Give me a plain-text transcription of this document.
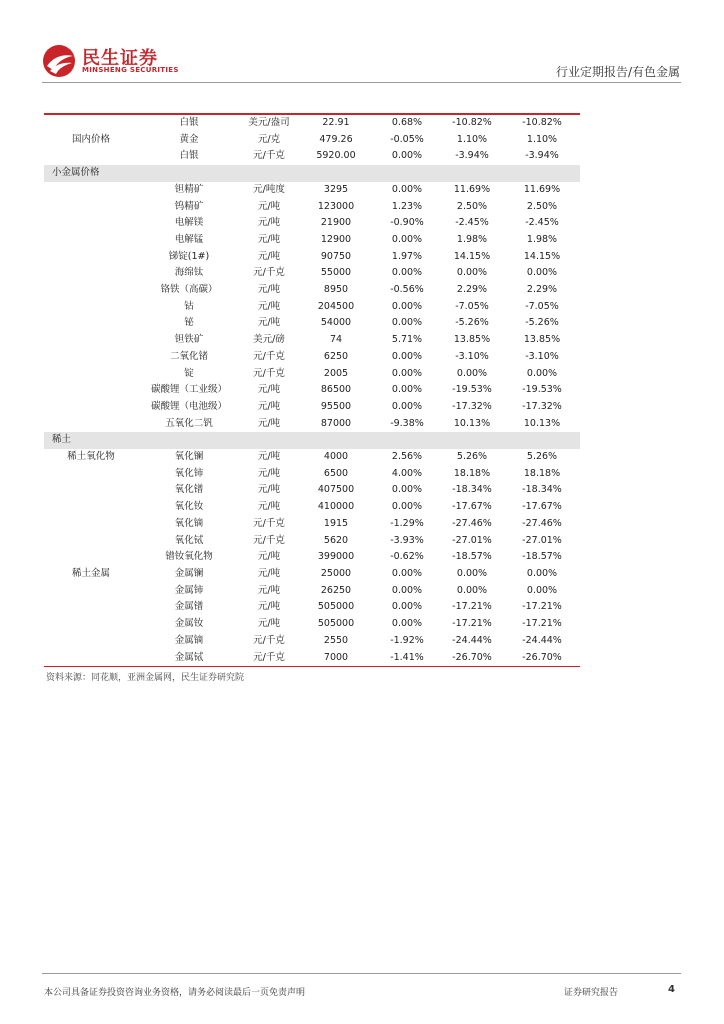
民生证券
MINSHENG SECURITIES	行业定期报告/有色金属
	白银	美元/盎司	22.91	0.68%	-10.82%	-10.82%
国内价格	黄金	元/克	479.26	-0.05%	1.10%	1.10%
	白银	元/千克	5920.00	0.00%	-3.94%	-3.94%
小金属价格						
	钽精矿	元/吨度	3295	0.00%	11.69%	11.69%
	钨精矿	元/吨	123000	1.23%	2.50%	2.50%
	电解镁	元/吨	21900	-0.90%	-2.45%	-2.45%
	电解锰	元/吨	12900	0.00%	1.98%	1.98%
	锑锭(1#)	元/吨	90750	1.97%	14.15%	14.15%
	海绵钛	元/千克	55000	0.00%	0.00%	0.00%
	铬铁（高碳）	元/吨	8950	-0.56%	2.29%	2.29%
	钴	元/吨	204500	0.00%	-7.05%	-7.05%
	铋	元/吨	54000	0.00%	-5.26%	-5.26%
	钽铁矿	美元/磅	74	5.71%	13.85%	13.85%
	二氧化锗	元/千克	6250	0.00%	-3.10%	-3.10%
	锭	元/千克	2005	0.00%	0.00%	0.00%
	碳酸锂（工业级）	元/吨	86500	0.00%	-19.53%	-19.53%
	碳酸锂（电池级）	元/吨	95500	0.00%	-17.32%	-17.32%
	五氧化二钒	元/吨	87000	-9.38%	10.13%	10.13%
稀土						
稀土氧化物	氧化镧	元/吨	4000	2.56%	5.26%	5.26%
	氧化铈	元/吨	6500	4.00%	18.18%	18.18%
	氧化镨	元/吨	407500	0.00%	-18.34%	-18.34%
	氧化钕	元/吨	410000	0.00%	-17.67%	-17.67%
	氧化镝	元/千克	1915	-1.29%	-27.46%	-27.46%
	氧化铽	元/千克	5620	-3.93%	-27.01%	-27.01%
	镨钕氧化物	元/吨	399000	-0.62%	-18.57%	-18.57%
稀土金属	金属镧	元/吨	25000	0.00%	0.00%	0.00%
	金属铈	元/吨	26250	0.00%	0.00%	0.00%
	金属镨	元/吨	505000	0.00%	-17.21%	-17.21%
	金属钕	元/吨	505000	0.00%	-17.21%	-17.21%
	金属镝	元/千克	2550	-1.92%	-24.44%	-24.44%
	金属铽	元/千克	7000	-1.41%	-26.70%	-26.70%
资料来源：同花顺，亚洲金属网，民生证券研究院
本公司具备证券投资咨询业务资格，请务必阅读最后一页免责声明	证券研究报告	4
